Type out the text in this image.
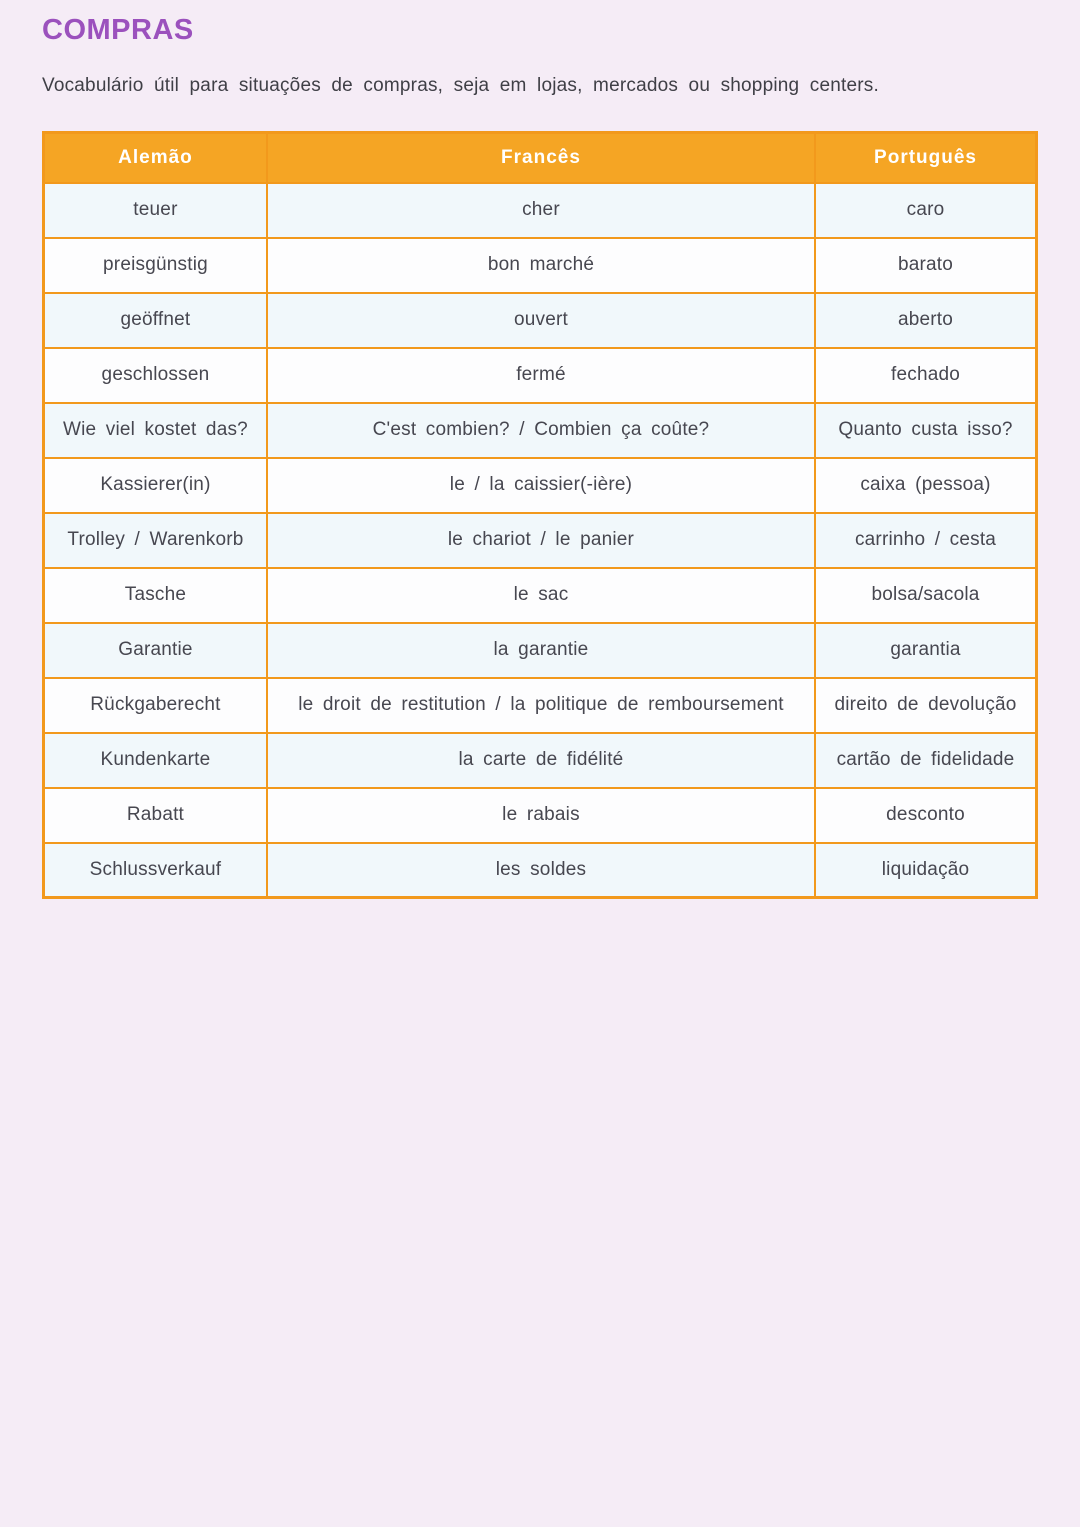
COMPRAS

Vocabulário útil para situações de compras, seja em lojas, mercados ou shopping centers.

Alemão	Francês	Português
teuer	cher	caro
preisgünstig	bon marché	barato
geöffnet	ouvert	aberto
geschlossen	fermé	fechado
Wie viel kostet das?	C'est combien? / Combien ça coûte?	Quanto custa isso?
Kassierer(in)	le / la caissier(-ière)	caixa (pessoa)
Trolley / Warenkorb	le chariot / le panier	carrinho / cesta
Tasche	le sac	bolsa/sacola
Garantie	la garantie	garantia
Rückgaberecht	le droit de restitution / la politique de remboursement	direito de devolução
Kundenkarte	la carte de fidélité	cartão de fidelidade
Rabatt	le rabais	desconto
Schlussverkauf	les soldes	liquidação
